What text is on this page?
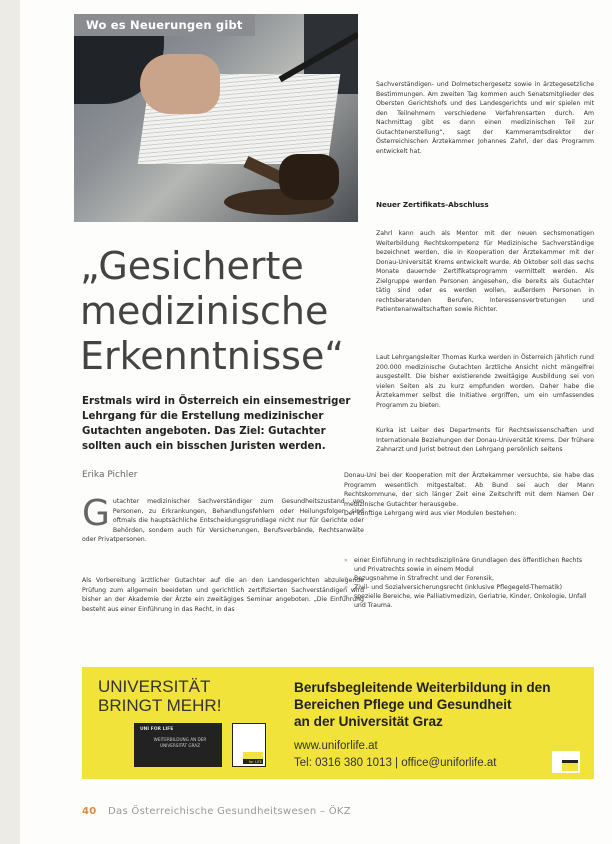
Wo es Neuerungen gibt
„Gesicherte
medizinische
Erkenntnisse“

Erstmals wird in Österreich ein einsemestriger Lehrgang für die Erstellung medizinischer Gutachten angeboten. Das Ziel: Gutachter sollten auch ein bisschen Juristen werden.

Erika Pichler
G utachter medizinischer Sachverständiger zum Gesundheitszustand von Personen, zu Erkrankungen, Behandlungsfehlern oder Heilungsfolgen sind oftmals die hauptsächliche Entscheidungsgrundlage nicht nur für Gerichte oder Behörden, sondern auch für Versicherungen, Berufsverbände, Rechtsanwälte oder Privatpersonen.

Als Vorbereitung ärztlicher Gutachter auf die an den Landesgerichten abzulegende Prüfung zum allgemein beeideten und gerichtlich zertifizierten Sachverständigen wird bisher an der Akademie der Ärzte ein zweitägiges Seminar angeboten. „Die Einführung besteht aus einer Einführung in das Recht, in das

Sachverständigen- und Dolmetschergesetz sowie in ärztegesetzliche Bestimmungen. Am zweiten Tag kommen auch Senatsmitglieder des Obersten Gerichtshofs und des Landesgerichts und wir spielen mit den Teilnehmern verschiedene Verfahrensarten durch. Am Nachmittag gibt es dann einen medizinischen Teil zur Gutachtenerstellung“, sagt der Kammeramtsdirektor der Österreichischen Ärztekammer Johannes Zahrl, der das Programm entwickelt hat.

Neuer Zertifikats-Abschluss

Zahrl kann auch als Mentor mit der neuen sechsmonatigen Weiterbildung Rechtskompetenz für Medizinische Sachverständige bezeichnet werden, die in Kooperation der Ärztekammer mit der Donau-Universität Krems entwickelt wurde. Ab Oktober soll das sechs Monate dauernde Zertifikatsprogramm vermittelt werden. Als Zielgruppe werden Personen angesehen, die bereits als Gutachter tätig sind oder es werden wollen, außerdem Personen in rechtsberatenden Berufen, Interessensvertretungen und Patientenanwaltschaften sowie Richter.

Laut Lehrgangsleiter Thomas Kurka werden in Österreich jährlich rund 200.000 medizinische Gutachten ärztliche Ansicht nicht mängelfrei ausgestellt. Die bisher existierende zweitägige Ausbildung sei von vielen Seiten als zu kurz empfunden worden. Daher habe die Ärztekammer selbst die Initiative ergriffen, um ein umfassendes Programm zu bieten.

Kurka ist Leiter des Departments für Rechtswissenschaften und Internationale Beziehungen der Donau-Universität Krems. Der frühere Zahnarzt und Jurist betreut den Lehrgang persönlich seitens

Donau-Uni bei der Kooperation mit der Ärztekammer versuchte, sie habe das Programm wesentlich mitgestaltet. Ab Bund sei auch der Mann Rechtskommune, der sich länger Zeit eine Zeitschrift mit dem Namen Der medizinische Gutachter herausgebe.

Der künftige Lehrgang wird aus vier Modulen bestehen:

» einer Einführung in rechtsdisziplinäre Grundlagen des öffentlichen Rechts und Privatrechts sowie in einem Modul
» Bezugsnahme in Strafrecht und der Forensik,
» Zivil- und Sozialversicherungsrecht (inklusive Pflegegeld-Thematik)
» spezielle Bereiche, wie Palliativmedizin, Geriatrie, Kinder, Onkologie, Unfall und Trauma.
UNIVERSITÄT
BRINGT MEHR!
UNI FOR LIFE
WEITERBILDUNG AN DER UNIVERSITÄT GRAZ
for LIFE
Berufsbegleitende Weiterbildung in den
Bereichen Pflege und Gesundheit
an der Universität Graz
www.uniforlife.at
Tel: 0316 380 1013 | office@uniforlife.at
40 Das Österreichische Gesundheitswesen – ÖKZ
